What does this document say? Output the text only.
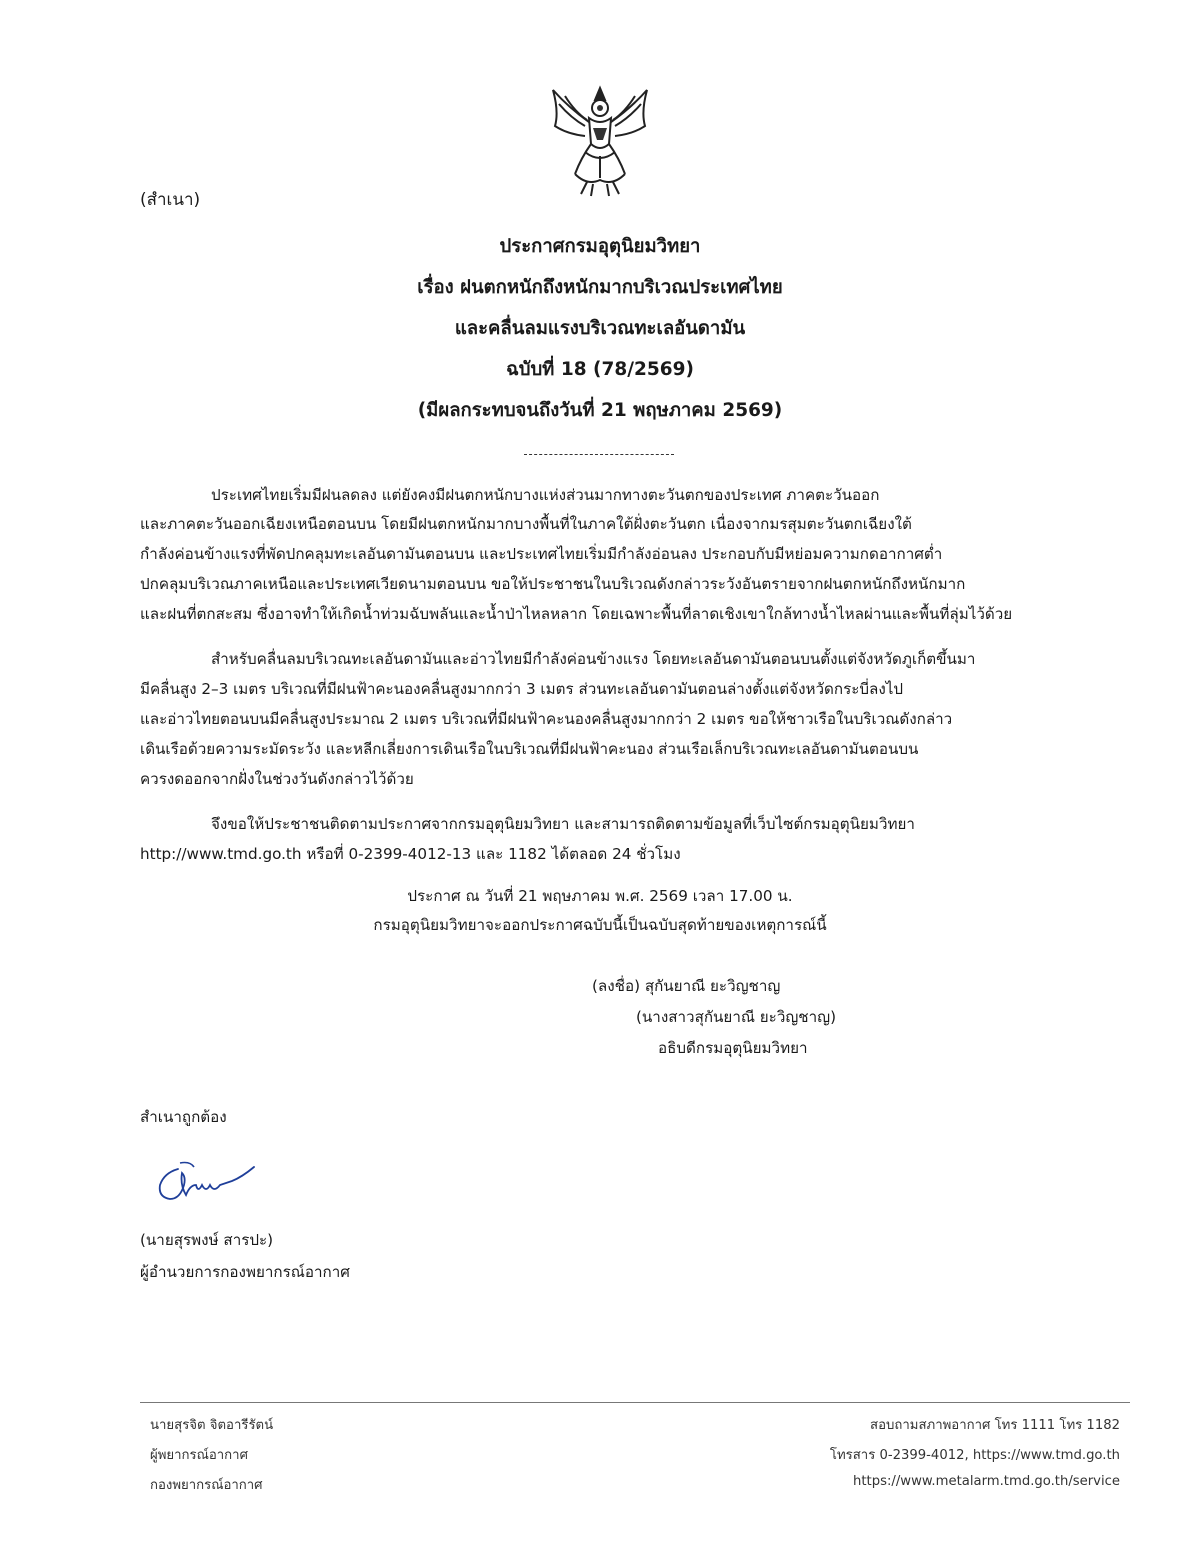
(สำเนา)
ประกาศกรมอุตุนิยมวิทยา
เรื่อง ฝนตกหนักถึงหนักมากบริเวณประเทศไทย
และคลื่นลมแรงบริเวณทะเลอันดามัน
ฉบับที่ 18 (78/2569)
(มีผลกระทบจนถึงวันที่ 21 พฤษภาคม 2569)
ประเทศไทยเริ่มมีฝนลดลง แต่ยังคงมีฝนตกหนักบางแห่งส่วนมากทางตะวันตกของประเทศ ภาคตะวันออก
และภาคตะวันออกเฉียงเหนือตอนบน โดยมีฝนตกหนักมากบางพื้นที่ในภาคใต้ฝั่งตะวันตก เนื่องจากมรสุมตะวันตกเฉียงใต้
กำลังค่อนข้างแรงที่พัดปกคลุมทะเลอันดามันตอนบน และประเทศไทยเริ่มมีกำลังอ่อนลง ประกอบกับมีหย่อมความกดอากาศต่ำ
ปกคลุมบริเวณภาคเหนือและประเทศเวียดนามตอนบน ขอให้ประชาชนในบริเวณดังกล่าวระวังอันตรายจากฝนตกหนักถึงหนักมาก
และฝนที่ตกสะสม ซึ่งอาจทำให้เกิดน้ำท่วมฉับพลันและน้ำป่าไหลหลาก โดยเฉพาะพื้นที่ลาดเชิงเขาใกล้ทางน้ำไหลผ่านและพื้นที่ลุ่มไว้ด้วย
สำหรับคลื่นลมบริเวณทะเลอันดามันและอ่าวไทยมีกำลังค่อนข้างแรง โดยทะเลอันดามันตอนบนตั้งแต่จังหวัดภูเก็ตขึ้นมา
มีคลื่นสูง 2–3 เมตร บริเวณที่มีฝนฟ้าคะนองคลื่นสูงมากกว่า 3 เมตร ส่วนทะเลอันดามันตอนล่างตั้งแต่จังหวัดกระบี่ลงไป
และอ่าวไทยตอนบนมีคลื่นสูงประมาณ 2 เมตร บริเวณที่มีฝนฟ้าคะนองคลื่นสูงมากกว่า 2 เมตร ขอให้ชาวเรือในบริเวณดังกล่าว
เดินเรือด้วยความระมัดระวัง และหลีกเลี่ยงการเดินเรือในบริเวณที่มีฝนฟ้าคะนอง ส่วนเรือเล็กบริเวณทะเลอันดามันตอนบน
ควรงดออกจากฝั่งในช่วงวันดังกล่าวไว้ด้วย
จึงขอให้ประชาชนติดตามประกาศจากกรมอุตุนิยมวิทยา และสามารถติดตามข้อมูลที่เว็บไซต์กรมอุตุนิยมวิทยา
http://www.tmd.go.th หรือที่ 0-2399-4012-13 และ 1182 ได้ตลอด 24 ชั่วโมง
ประกาศ ณ วันที่ 21 พฤษภาคม พ.ศ. 2569 เวลา 17.00 น.
กรมอุตุนิยมวิทยาจะออกประกาศฉบับนี้เป็นฉบับสุดท้ายของเหตุการณ์นี้
(ลงชื่อ) สุกันยาณี ยะวิญชาญ
(นางสาวสุกันยาณี ยะวิญชาญ)
อธิบดีกรมอุตุนิยมวิทยา
สำเนาถูกต้อง
(นายสุรพงษ์ สารปะ)
ผู้อำนวยการกองพยากรณ์อากาศ
นายสุรจิต จิตอารีรัตน์
ผู้พยากรณ์อากาศ
กองพยากรณ์อากาศ
สอบถามสภาพอากาศ โทร 1111 โทร 1182
โทรสาร 0-2399-4012, https://www.tmd.go.th
https://www.metalarm.tmd.go.th/service
